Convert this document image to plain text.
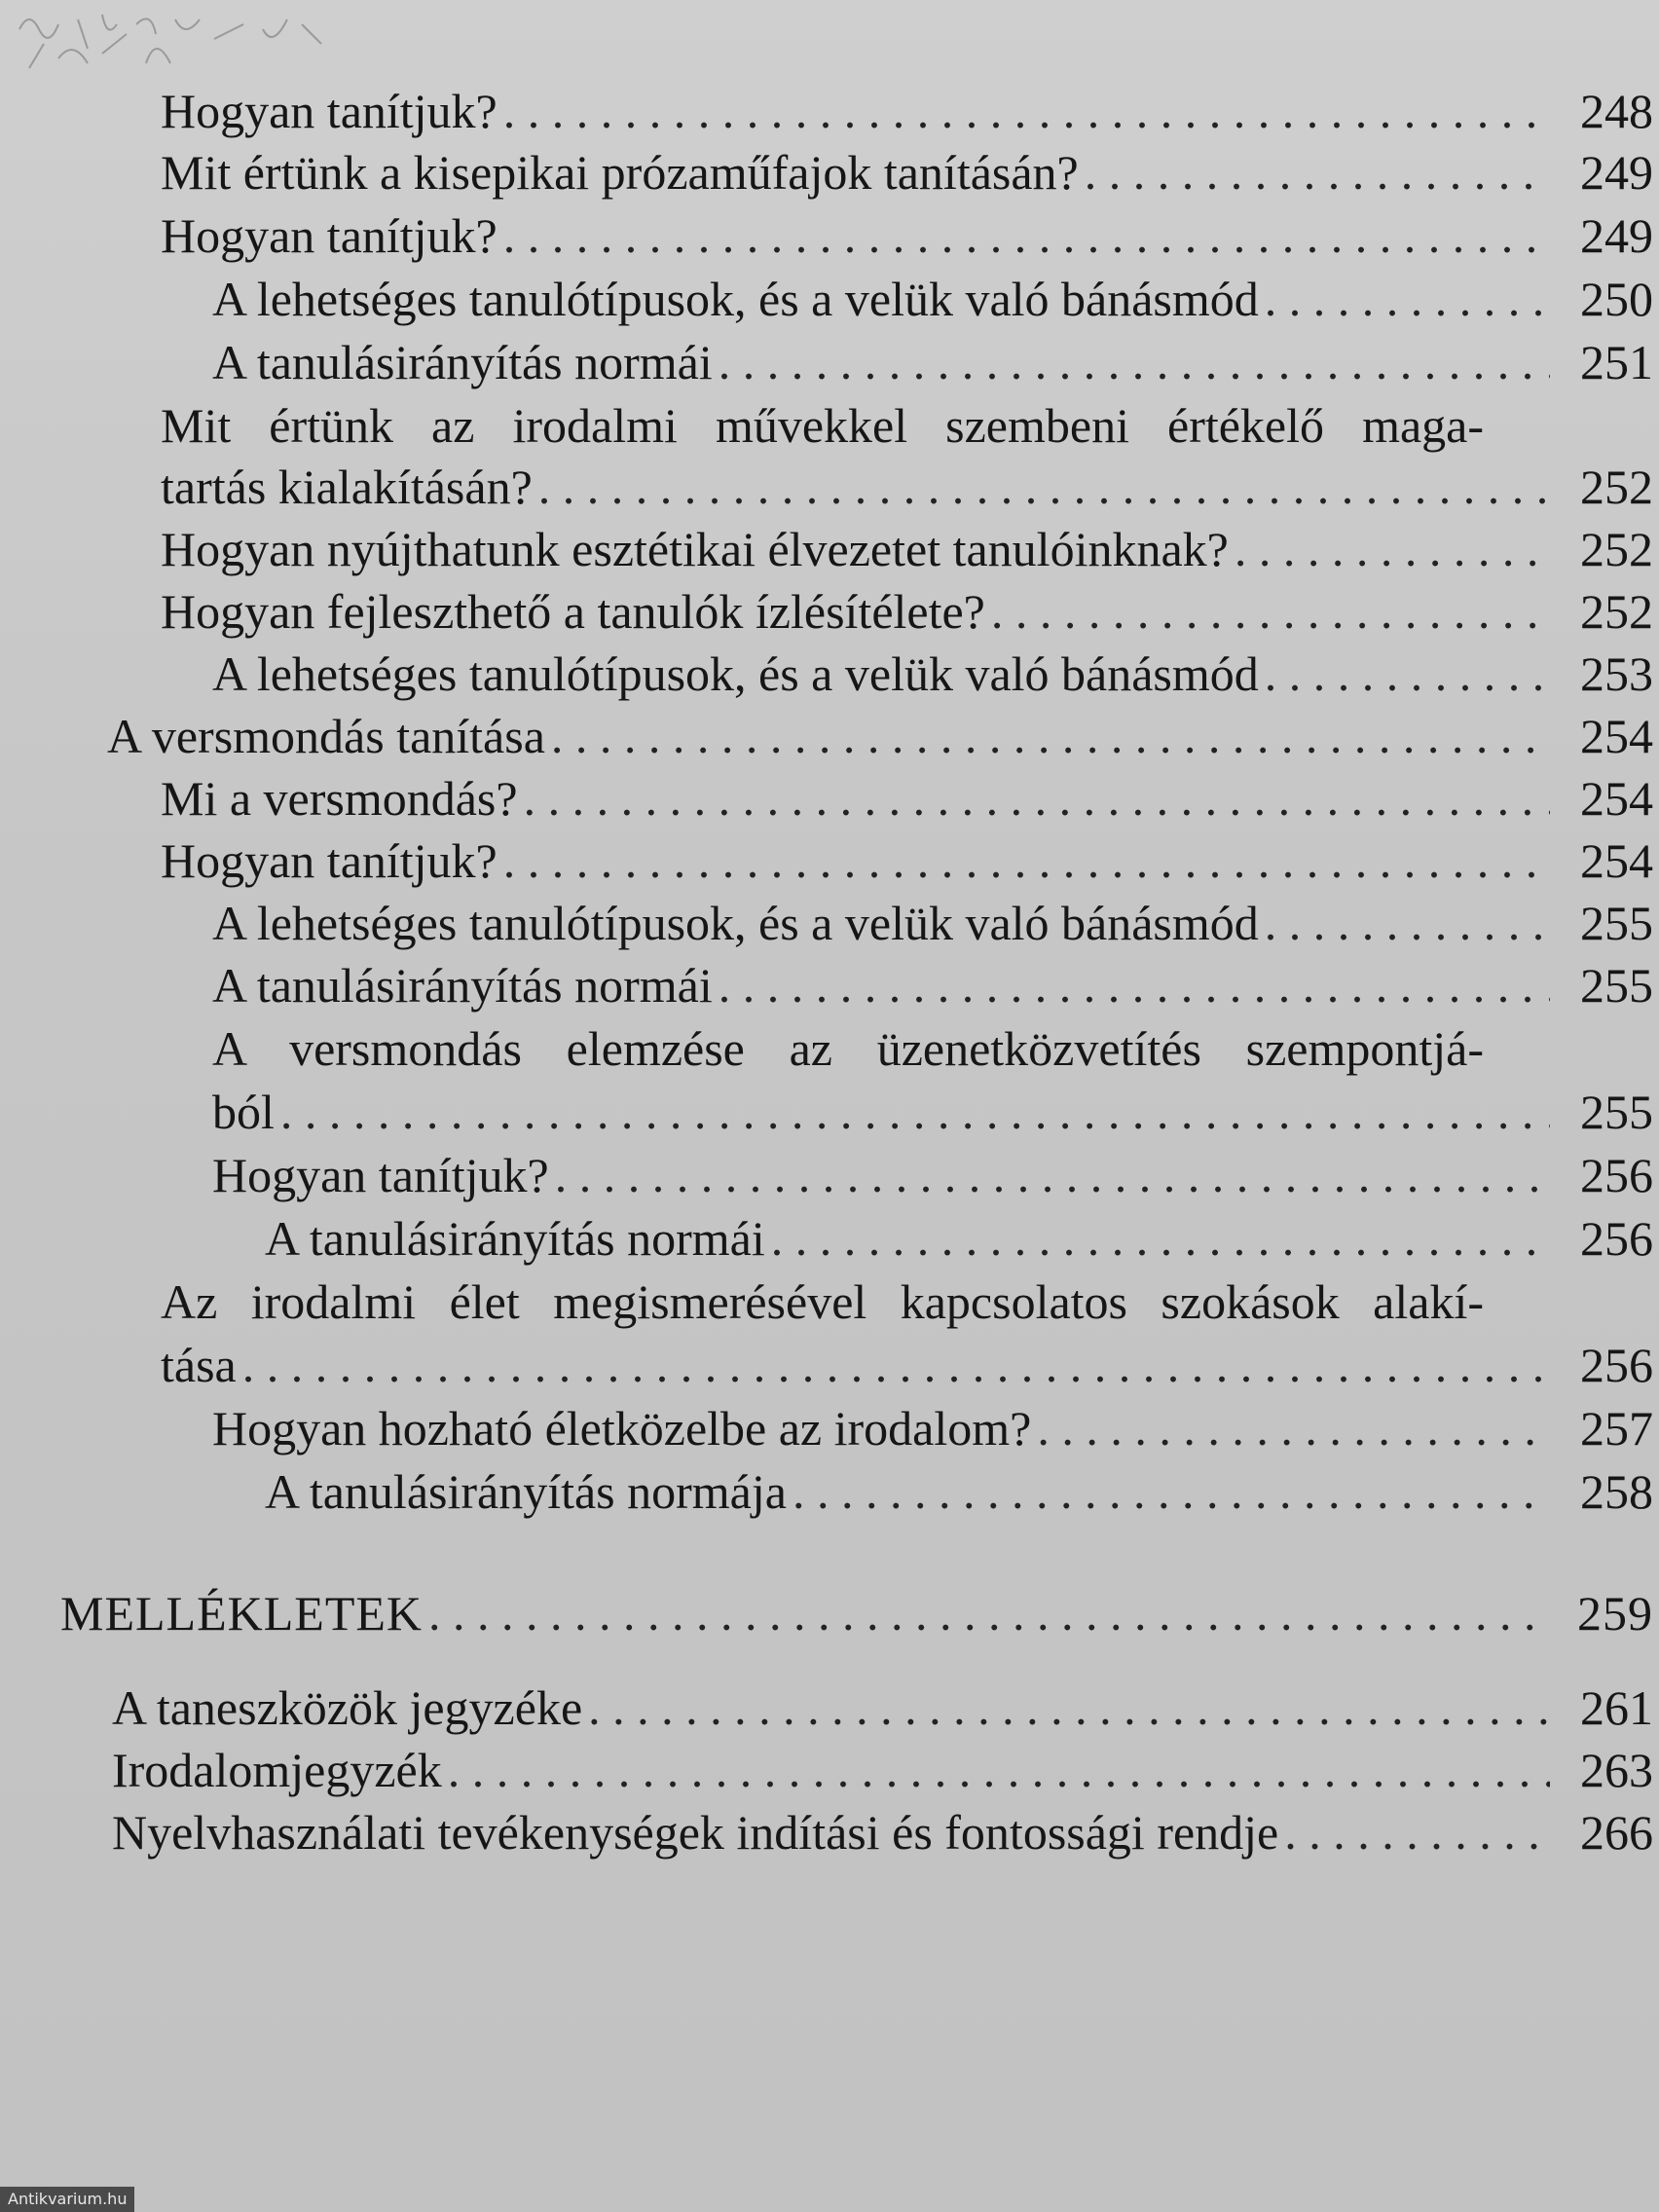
Hogyan tanítjuk? . . .	248
Mit értünk a kisepikai prózaműfajok tanításán? . . .	249
Hogyan tanítjuk? . . .	249
A lehetséges tanulótípusok, és a velük való bánásmód . . .	250
A tanulásirányítás normái . . .	251
Mit értünk az irodalmi művekkel szembeni értékelő maga-
tartás kialakításán? . . .	252
Hogyan nyújthatunk esztétikai élvezetet tanulóinknak? . . .	252
Hogyan fejleszthető a tanulók ízlésítélete? . . .	252
A lehetséges tanulótípusok, és a velük való bánásmód . . .	253
A versmondás tanítása . . .	254
Mi a versmondás? . . .	254
Hogyan tanítjuk? . . .	254
A lehetséges tanulótípusok, és a velük való bánásmód . . .	255
A tanulásirányítás normái . . .	255
A versmondás elemzése az üzenetközvetítés szempontjá-
ból . . .	255
Hogyan tanítjuk? . . .	256
A tanulásirányítás normái . . .	256
Az irodalmi élet megismerésével kapcsolatos szokások alakí-
tása . . .	256
Hogyan hozható életközelbe az irodalom? . . .	257
A tanulásirányítás normája . . .	258
MELLÉKLETEK . . .	259
A taneszközök jegyzéke . . .	261
Irodalomjegyzék . . .	263
Nyelvhasználati tevékenységek indítási és fontossági rendje . . .	266
Antikvarium.hu
